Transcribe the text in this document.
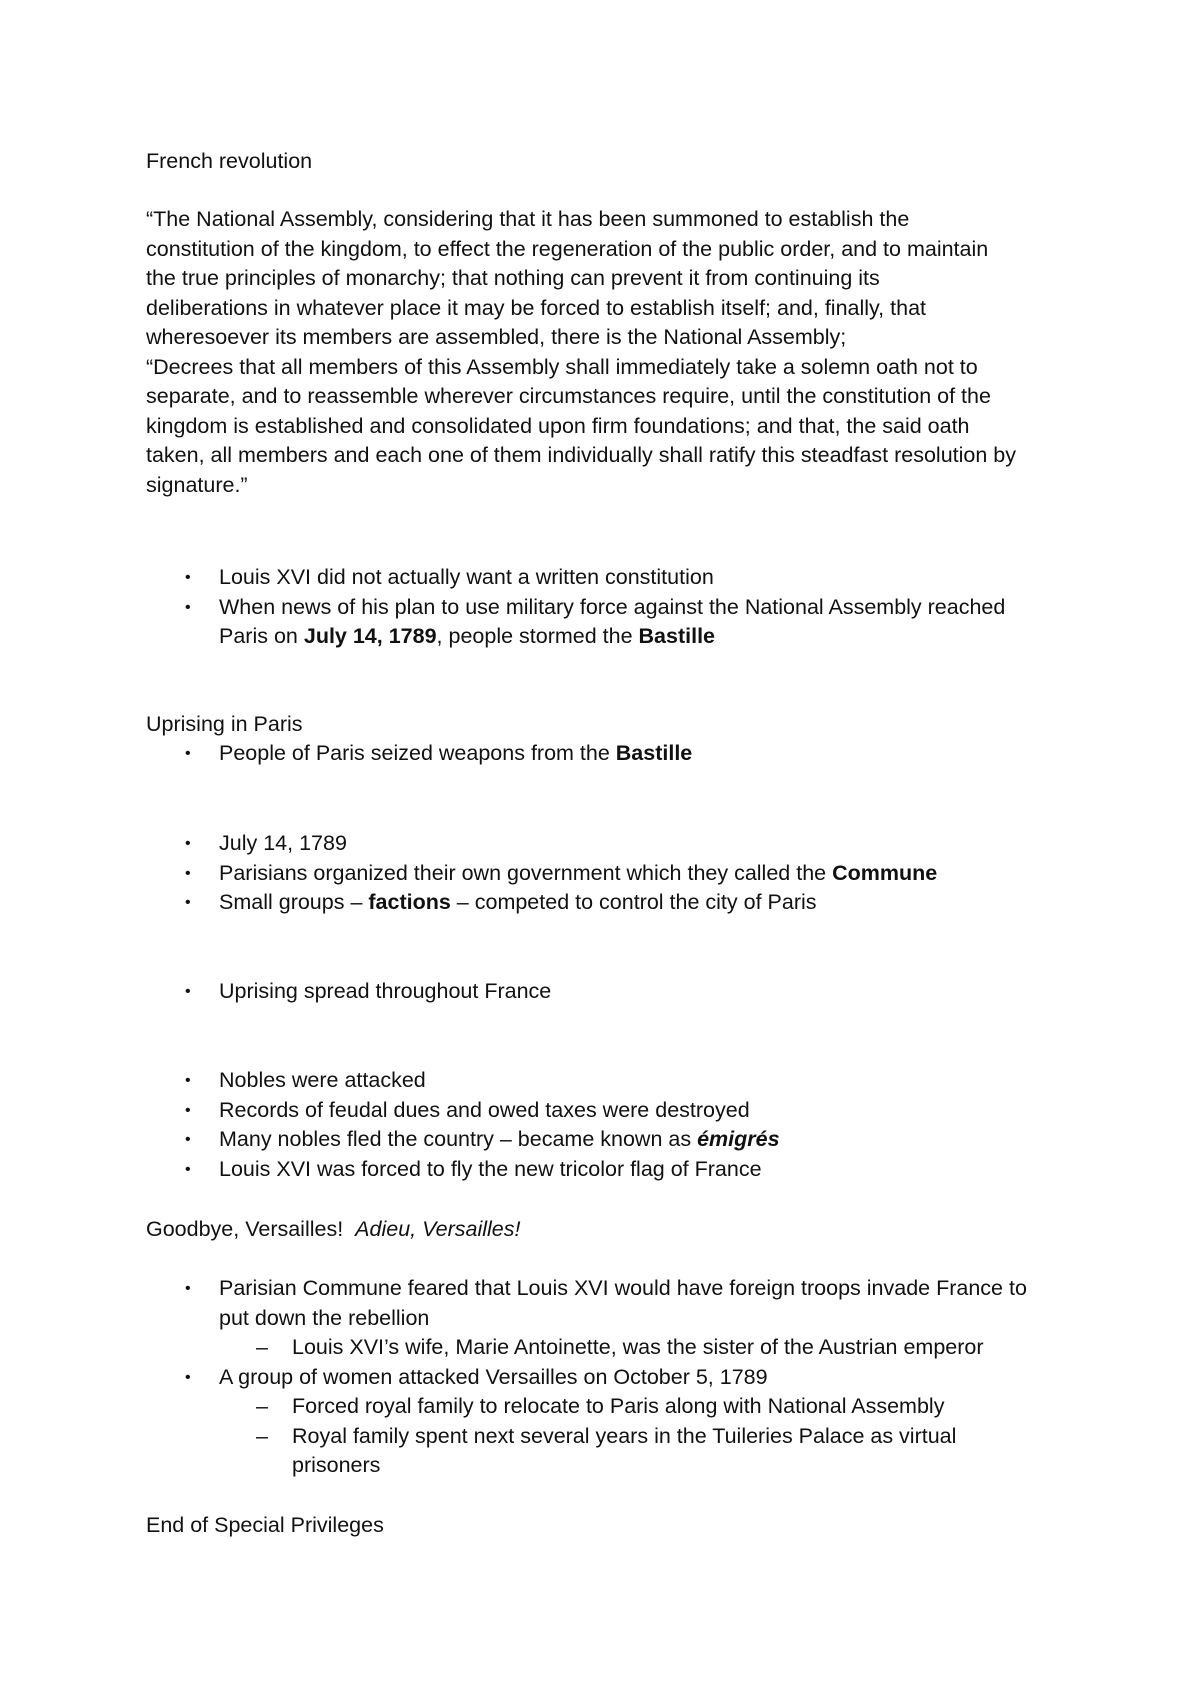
French revolution
“The National Assembly, considering that it has been summoned to establish the
constitution of the kingdom, to effect the regeneration of the public order, and to maintain
the true principles of monarchy; that nothing can prevent it from continuing its
deliberations in whatever place it may be forced to establish itself; and, finally, that
wheresoever its members are assembled, there is the National Assembly;
“Decrees that all members of this Assembly shall immediately take a solemn oath not to
separate, and to reassemble wherever circumstances require, until the constitution of the
kingdom is established and consolidated upon firm foundations; and that, the said oath
taken, all members and each one of them individually shall ratify this steadfast resolution by
signature.”
• Louis XVI did not actually want a written constitution
• When news of his plan to use military force against the National Assembly reached
Paris on July 14, 1789, people stormed the Bastille
Uprising in Paris
• People of Paris seized weapons from the Bastille
• July 14, 1789
• Parisians organized their own government which they called the Commune
• Small groups – factions – competed to control the city of Paris
• Uprising spread throughout France
• Nobles were attacked
• Records of feudal dues and owed taxes were destroyed
• Many nobles fled the country – became known as émigrés
• Louis XVI was forced to fly the new tricolor flag of France
Goodbye, Versailles!  Adieu, Versailles!
• Parisian Commune feared that Louis XVI would have foreign troops invade France to
put down the rebellion
– Louis XVI’s wife, Marie Antoinette, was the sister of the Austrian emperor
• A group of women attacked Versailles on October 5, 1789
– Forced royal family to relocate to Paris along with National Assembly
– Royal family spent next several years in the Tuileries Palace as virtual
prisoners
End of Special Privileges
